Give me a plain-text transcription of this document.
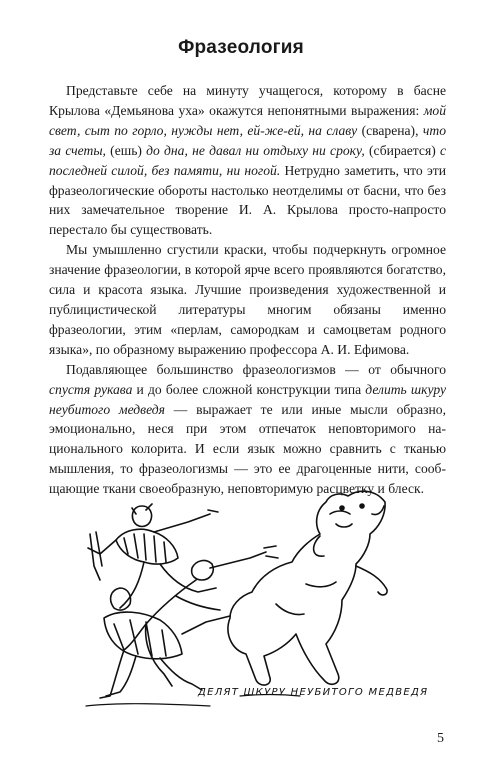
Фразеология

Представьте себе на минуту учащегося, которому в басне Крылова «Демьянова уха» окажутся непонятными выражения: мой свет, сыт по горло, нужды нет, ей-же-ей, на славу (сварена), что за счеты, (ешь) до дна, не давал ни отдыху ни сроку, (сбирается) с последней силой, без памяти, ни ногой. Нетрудно заметить, что эти фразеологические обороты настолько неотделимы от басни, что без них замечательное творение И. А. Крылова просто-напросто перестало бы существовать.

Мы умышленно сгустили краски, чтобы подчеркнуть огромное значение фразеологии, в которой ярче всего проявляются богатство, сила и красота языка. Лучшие произведения художественной и публицистической литературы многим обязаны именно фразеологии, этим «перлам, самородкам и самоцветам родного языка», по образному выражению профессора А. И. Ефимова.

Подавляющее большинство фразеологизмов — от обычного спустя рукава и до более сложной конструкции типа делить шкуру неубитого медведя — выражает те или иные мысли образно, эмоционально, неся при этом отпечаток неповторимого национального колорита. И если язык можно сравнить с тканью мышления, то фразеологизмы — это ее драгоценные нити, сообщающие ткани своеобразную, неповторимую расцветку и блеск.

ДЕЛЯТ ШКУРУ НЕУБИТОГО МЕДВЕДЯ
5
